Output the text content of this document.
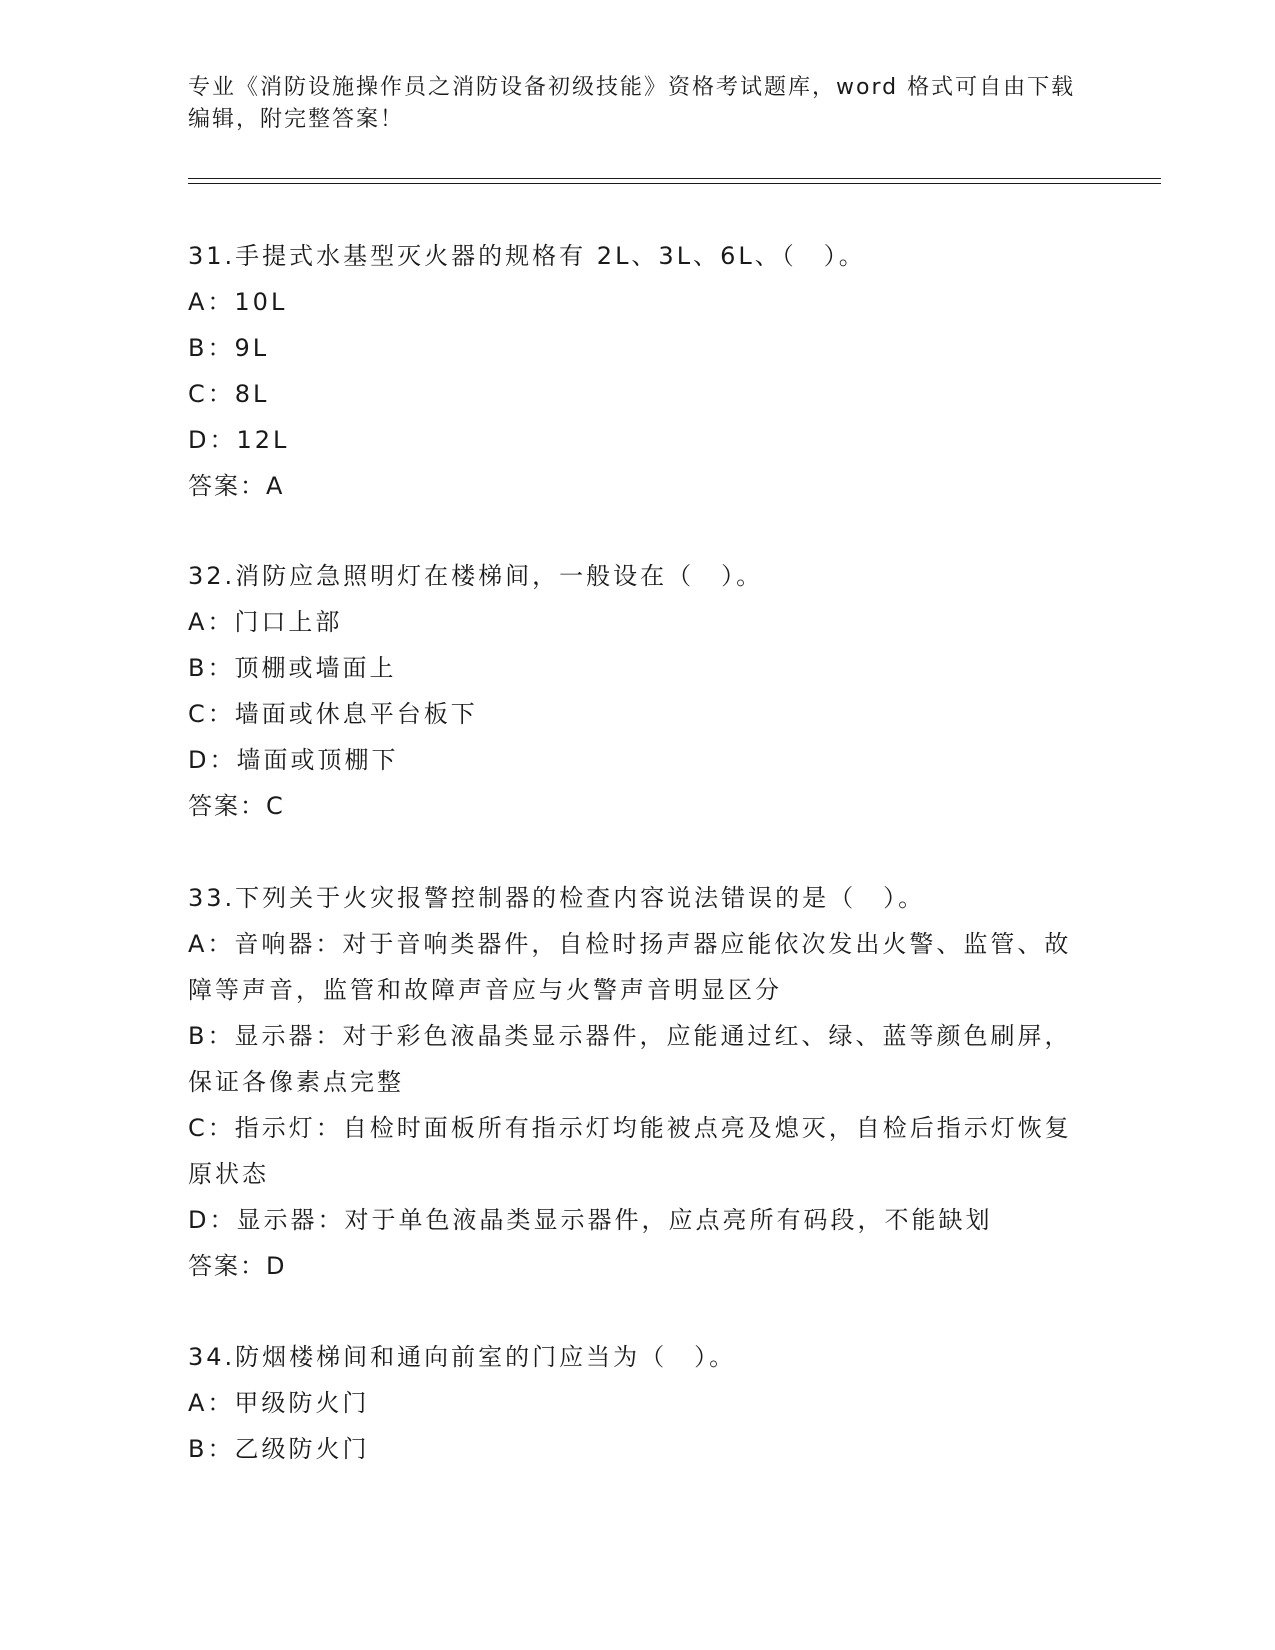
专业《消防设施操作员之消防设备初级技能》资格考试题库，word 格式可自由下载编辑，附完整答案！
31.手提式水基型灭火器的规格有 2L、3L、6L、（　）。
A：10L
B：9L
C：8L
D：12L
答案：A
32.消防应急照明灯在楼梯间，一般设在（　）。
A：门口上部
B：顶棚或墙面上
C：墙面或休息平台板下
D：墙面或顶棚下
答案：C
33.下列关于火灾报警控制器的检查内容说法错误的是（　）。
A：音响器：对于音响类器件，自检时扬声器应能依次发出火警、监管、故障等声音，监管和故障声音应与火警声音明显区分
B：显示器：对于彩色液晶类显示器件，应能通过红、绿、蓝等颜色刷屏，保证各像素点完整
C：指示灯：自检时面板所有指示灯均能被点亮及熄灭，自检后指示灯恢复原状态
D：显示器：对于单色液晶类显示器件，应点亮所有码段，不能缺划
答案：D
34.防烟楼梯间和通向前室的门应当为（　）。
A：甲级防火门
B：乙级防火门
